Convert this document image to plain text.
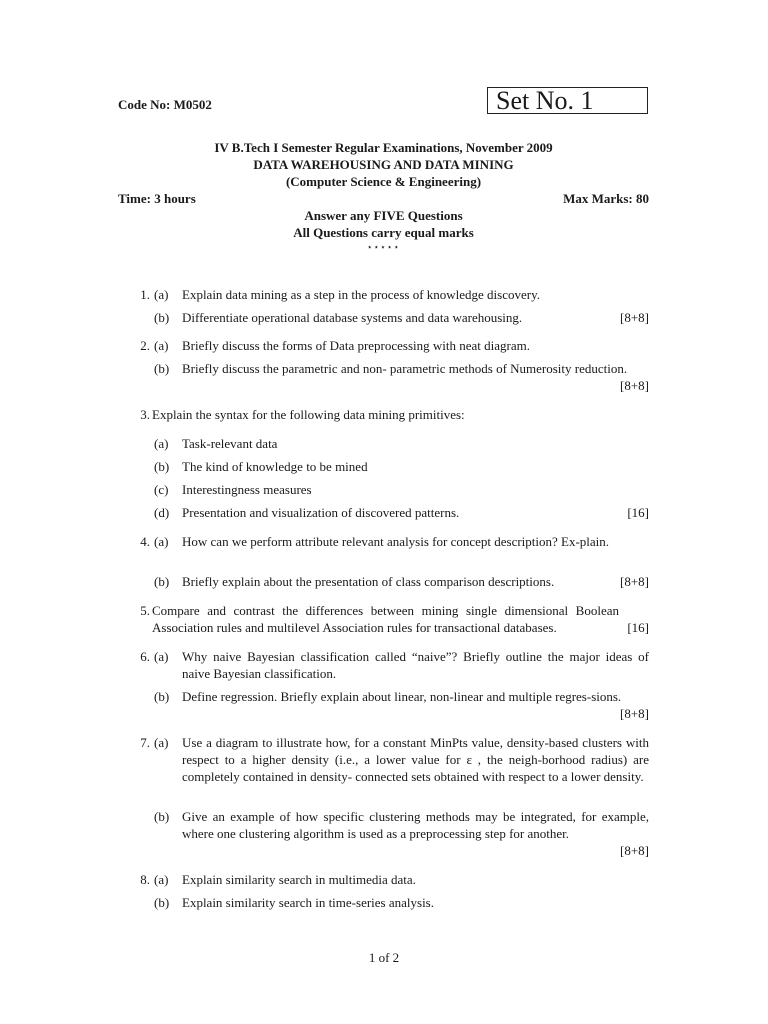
Code No: M0502	Set No. 1
IV B.Tech I Semester Regular Examinations, November 2009
DATA WAREHOUSING AND DATA MINING
(Computer Science & Engineering)
Time: 3 hours	Max Marks: 80
Answer any FIVE Questions
All Questions carry equal marks
⋆⋆⋆⋆⋆
1. (a)	Explain data mining as a step in the process of knowledge discovery.
(b) Differentiate operational database systems and data warehousing.	[8+8]
2. (a)	Briefly discuss the forms of Data preprocessing with neat diagram.
(b) Briefly discuss the parametric and non- parametric methods of Numerosity reduction.
[8+8]
3. Explain the syntax for the following data mining primitives:
(a)	Task-relevant data
(b) The kind of knowledge to be mined
(c)	Interestingness measures
(d) Presentation and visualization of discovered patterns.	[16]
4. (a)	How can we perform attribute relevant analysis for concept description? Ex-plain.
(b) Briefly explain about the presentation of class comparison descriptions.	[8+8]
5. Compare and contrast the differences between mining single dimensional Boolean Association rules and multilevel Association rules for transactional databases.	[16]
6. (a)	Why naive Bayesian classification called “naive”? Briefly outline the major ideas of naive Bayesian classification.
(b) Define regression. Briefly explain about linear, non-linear and multiple regres-sions.
[8+8]
7. (a)	Use a diagram to illustrate how, for a constant MinPts value, density-based clusters with respect to a higher density (i.e., a lower value for ε , the neigh-borhood radius) are completely contained in density- connected sets obtained with respect to a lower density.
(b) Give an example of how specific clustering methods may be integrated, for example, where one clustering algorithm is used as a preprocessing step for another.
[8+8]
8. (a)	Explain similarity search in multimedia data.
(b) Explain similarity search in time-series analysis.
1 of 2
